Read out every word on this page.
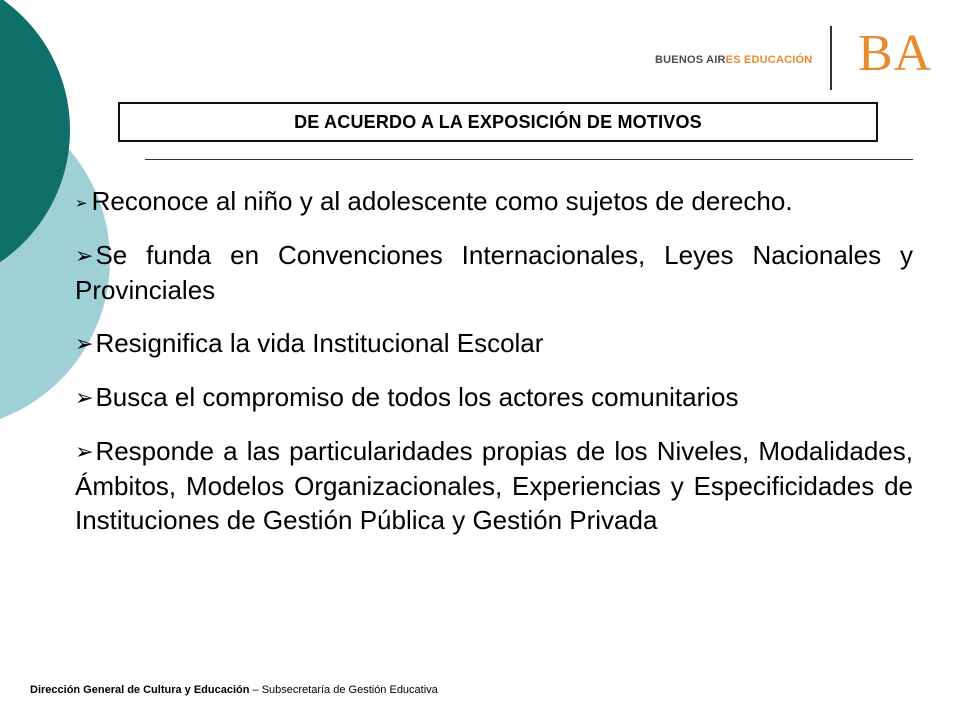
BUENOS AIRES EDUCACIÓN BA
DE ACUERDO A LA EXPOSICIÓN DE MOTIVOS
➢ Reconoce al niño y al adolescente como sujetos de derecho.
➢Se funda en Convenciones Internacionales, Leyes Nacionales y Provinciales
➢Resignifica la vida Institucional Escolar
➢Busca el compromiso de todos los actores comunitarios
➢Responde a las particularidades propias de los Niveles, Modalidades, Ámbitos, Modelos Organizacionales, Experiencias y Especificidades de Instituciones de Gestión Pública y Gestión Privada
Dirección General de Cultura y Educación – Subsecretaría de Gestión Educativa
